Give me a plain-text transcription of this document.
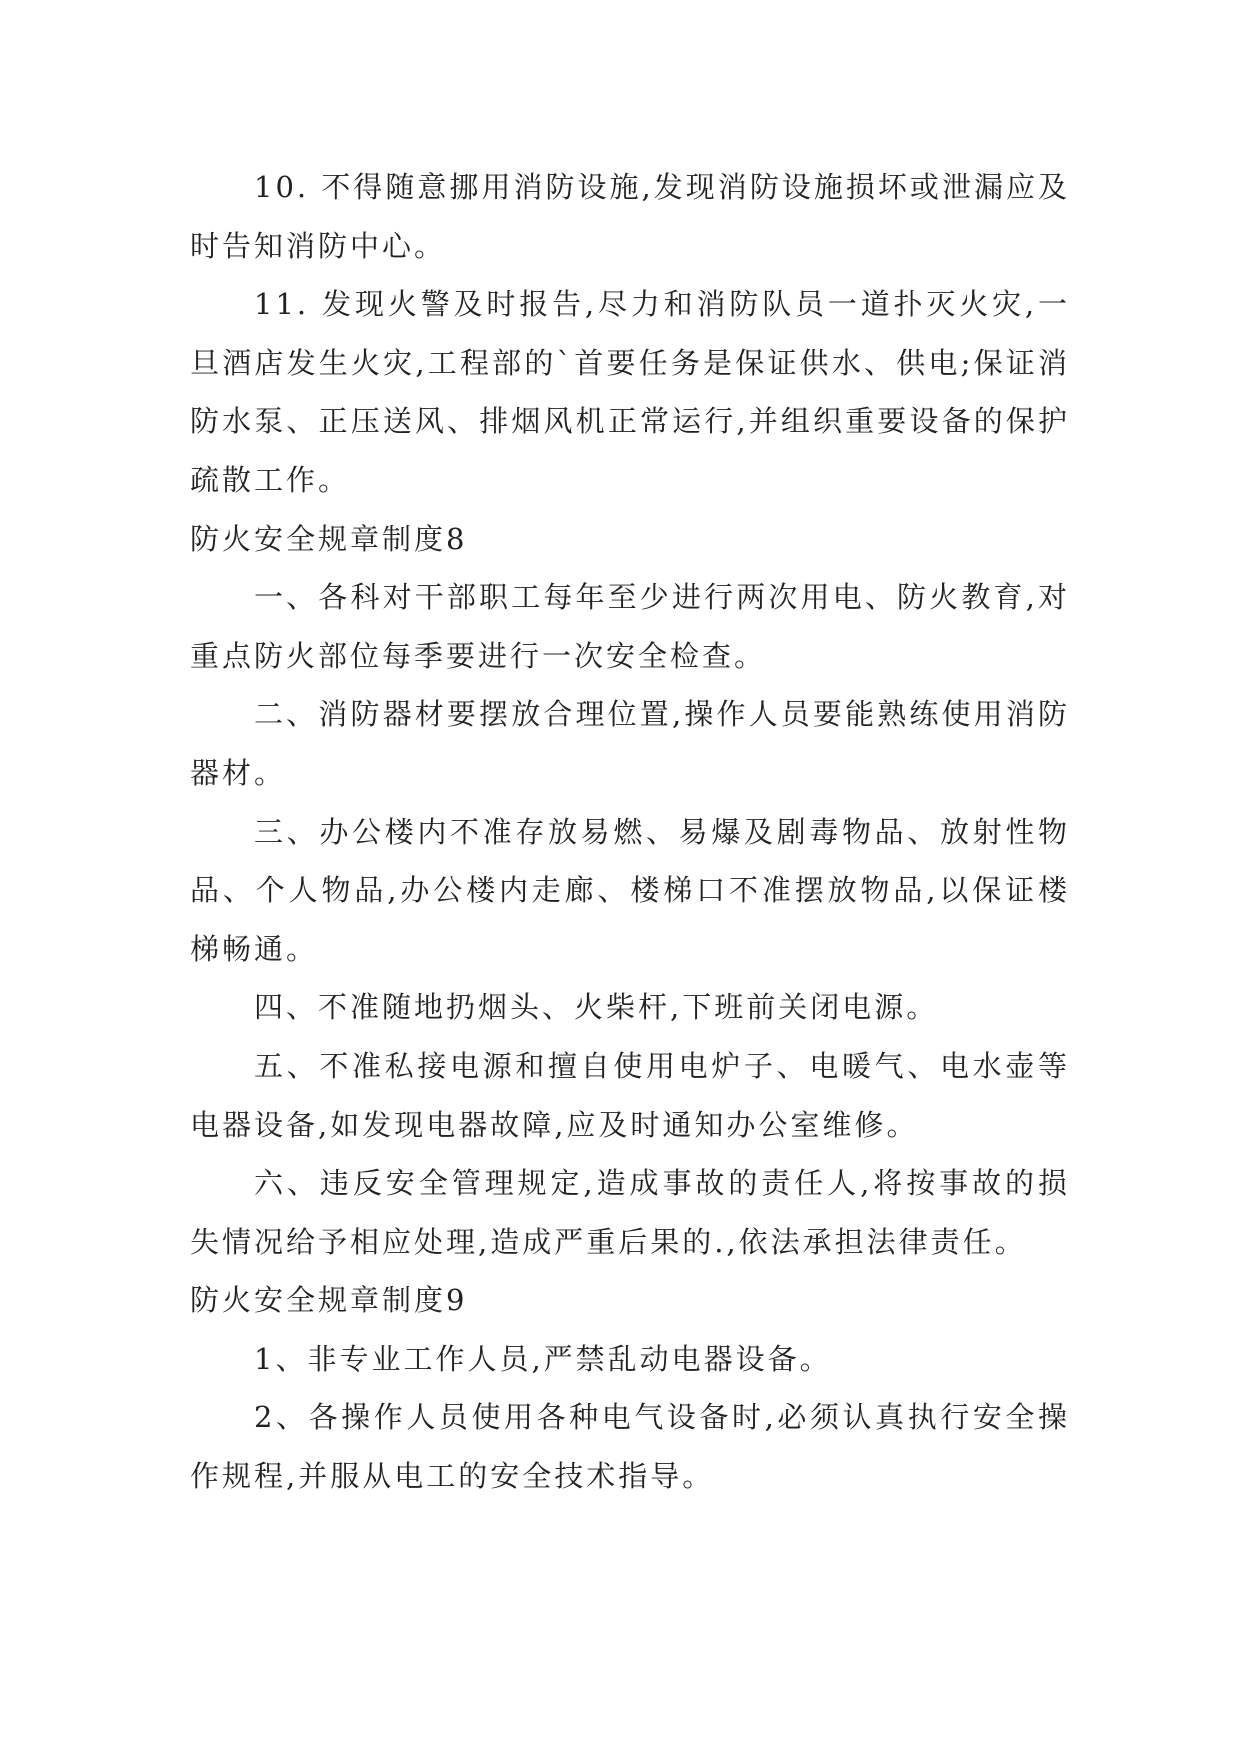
10. 不得随意挪用消防设施,发现消防设施损坏或泄漏应及时告知消防中心。

11. 发现火警及时报告,尽力和消防队员一道扑灭火灾,一旦酒店发生火灾,工程部的`首要任务是保证供水、供电;保证消防水泵、正压送风、排烟风机正常运行,并组织重要设备的保护疏散工作。

防火安全规章制度8

一、各科对干部职工每年至少进行两次用电、防火教育,对重点防火部位每季要进行一次安全检查。

二、消防器材要摆放合理位置,操作人员要能熟练使用消防器材。

三、办公楼内不准存放易燃、易爆及剧毒物品、放射性物品、个人物品,办公楼内走廊、楼梯口不准摆放物品,以保证楼梯畅通。

四、不准随地扔烟头、火柴杆,下班前关闭电源。

五、不准私接电源和擅自使用电炉子、电暖气、电水壶等电器设备,如发现电器故障,应及时通知办公室维修。

六、违反安全管理规定,造成事故的责任人,将按事故的损失情况给予相应处理,造成严重后果的.,依法承担法律责任。

防火安全规章制度9

1、非专业工作人员,严禁乱动电器设备。

2、各操作人员使用各种电气设备时,必须认真执行安全操作规程,并服从电工的安全技术指导。
